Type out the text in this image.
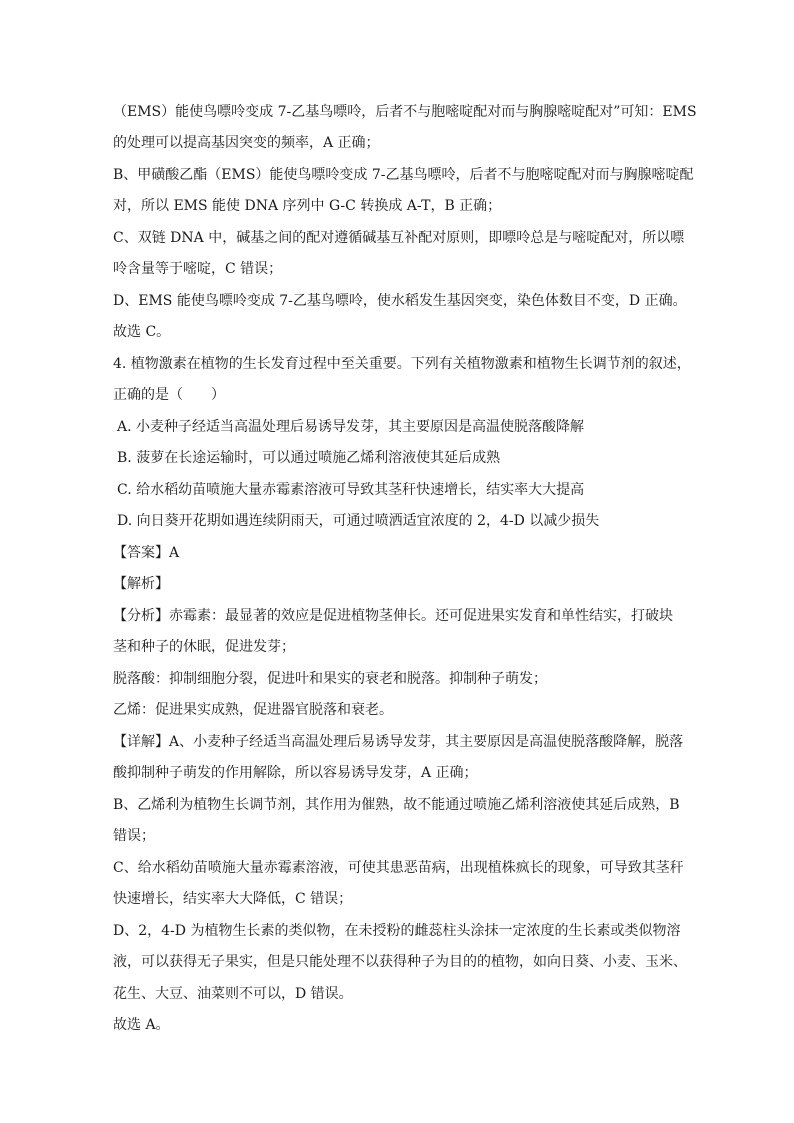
（EMS）能使鸟嘌呤变成 7-乙基鸟嘌呤，后者不与胞嘧啶配对而与胸腺嘧啶配对”可知：EMS
的处理可以提高基因突变的频率，A 正确；
B、甲磺酸乙酯（EMS）能使鸟嘌呤变成 7-乙基鸟嘌呤，后者不与胞嘧啶配对而与胸腺嘧啶配
对，所以 EMS 能使 DNA 序列中 G-C 转换成 A-T，B 正确；
C、双链 DNA 中，碱基之间的配对遵循碱基互补配对原则，即嘌呤总是与嘧啶配对，所以嘌
呤含量等于嘧啶，C 错误；
D、EMS 能使鸟嘌呤变成 7-乙基鸟嘌呤，使水稻发生基因突变，染色体数目不变，D 正确。
故选 C。
4. 植物激素在植物的生长发育过程中至关重要。下列有关植物激素和植物生长调节剂的叙述，
正确的是（　　）
A. 小麦种子经适当高温处理后易诱导发芽，其主要原因是高温使脱落酸降解
B. 菠萝在长途运输时，可以通过喷施乙烯利溶液使其延后成熟
C. 给水稻幼苗喷施大量赤霉素溶液可导致其茎秆快速增长，结实率大大提高
D. 向日葵开花期如遇连续阴雨天，可通过喷洒适宜浓度的 2，4-D 以减少损失
【答案】A
【解析】
【分析】赤霉素：最显著的效应是促进植物茎伸长。还可促进果实发育和单性结实，打破块
茎和种子的休眠，促进发芽；
脱落酸：抑制细胞分裂，促进叶和果实的衰老和脱落。抑制种子萌发；
乙烯：促进果实成熟，促进器官脱落和衰老。
【详解】A、小麦种子经适当高温处理后易诱导发芽，其主要原因是高温使脱落酸降解，脱落
酸抑制种子萌发的作用解除，所以容易诱导发芽，A 正确；
B、乙烯利为植物生长调节剂，其作用为催熟，故不能通过喷施乙烯利溶液使其延后成熟，B
错误；
C、给水稻幼苗喷施大量赤霉素溶液，可使其患恶苗病，出现植株疯长的现象，可导致其茎秆
快速增长，结实率大大降低，C 错误；
D、2，4-D 为植物生长素的类似物，在未授粉的雌蕊柱头涂抹一定浓度的生长素或类似物溶
液，可以获得无子果实，但是只能处理不以获得种子为目的的植物，如向日葵、小麦、玉米、
花生、大豆、油菜则不可以，D 错误。
故选 A。
